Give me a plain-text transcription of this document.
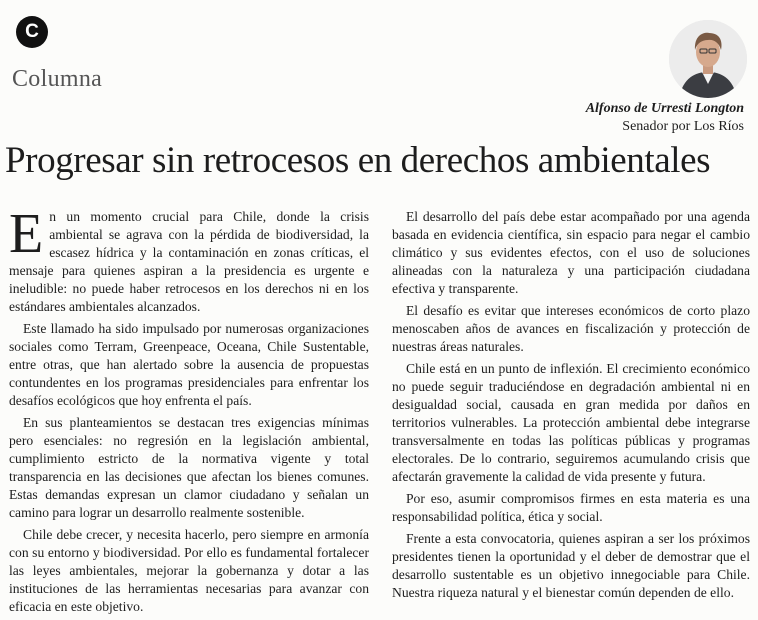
C
Columna
Alfonso de Urresti Longton
Senador por Los Ríos
Progresar sin retrocesos en derechos ambientales

En un momento crucial para Chile, donde la crisis ambiental se agrava con la pérdida de biodiversidad, la escasez hídrica y la contaminación en zonas críticas, el mensaje para quienes aspiran a la presidencia es urgente e ineludible: no puede haber retrocesos en los derechos ni en los estándares ambientales alcanzados.

Este llamado ha sido impulsado por numerosas organizaciones sociales como Terram, Greenpeace, Oceana, Chile Sustentable, entre otras, que han alertado sobre la ausencia de propuestas contundentes en los programas presidenciales para enfrentar los desafíos ecológicos que hoy enfrenta el país.

En sus planteamientos se destacan tres exigencias mínimas pero esenciales: no regresión en la legislación ambiental, cumplimiento estricto de la normativa vigente y total transparencia en las decisiones que afectan los bienes comunes. Estas demandas expresan un clamor ciudadano y señalan un camino para lograr un desarrollo realmente sostenible.

Chile debe crecer, y necesita hacerlo, pero siempre en armonía con su entorno y biodiversidad. Por ello es fundamental fortalecer las leyes ambientales, mejorar la gobernanza y dotar a las instituciones de las herramientas necesarias para avanzar con eficacia en este objetivo.

El desarrollo del país debe estar acompañado por una agenda basada en evidencia científica, sin espacio para negar el cambio climático y sus evidentes efectos, con el uso de soluciones alineadas con la naturaleza y una participación ciudadana efectiva y transparente.

El desafío es evitar que intereses económicos de corto plazo menoscaben años de avances en fiscalización y protección de nuestras áreas naturales.

Chile está en un punto de inflexión. El crecimiento económico no puede seguir traduciéndose en degradación ambiental ni en desigualdad social, causada en gran medida por daños en territorios vulnerables. La protección ambiental debe integrarse transversalmente en todas las políticas públicas y programas electorales. De lo contrario, seguiremos acumulando crisis que afectarán gravemente la calidad de vida presente y futura.

Por eso, asumir compromisos firmes en esta materia es una responsabilidad política, ética y social.

Frente a esta convocatoria, quienes aspiran a ser los próximos presidentes tienen la oportunidad y el deber de demostrar que el desarrollo sustentable es un objetivo innegociable para Chile. Nuestra riqueza natural y el bienestar común dependen de ello.
